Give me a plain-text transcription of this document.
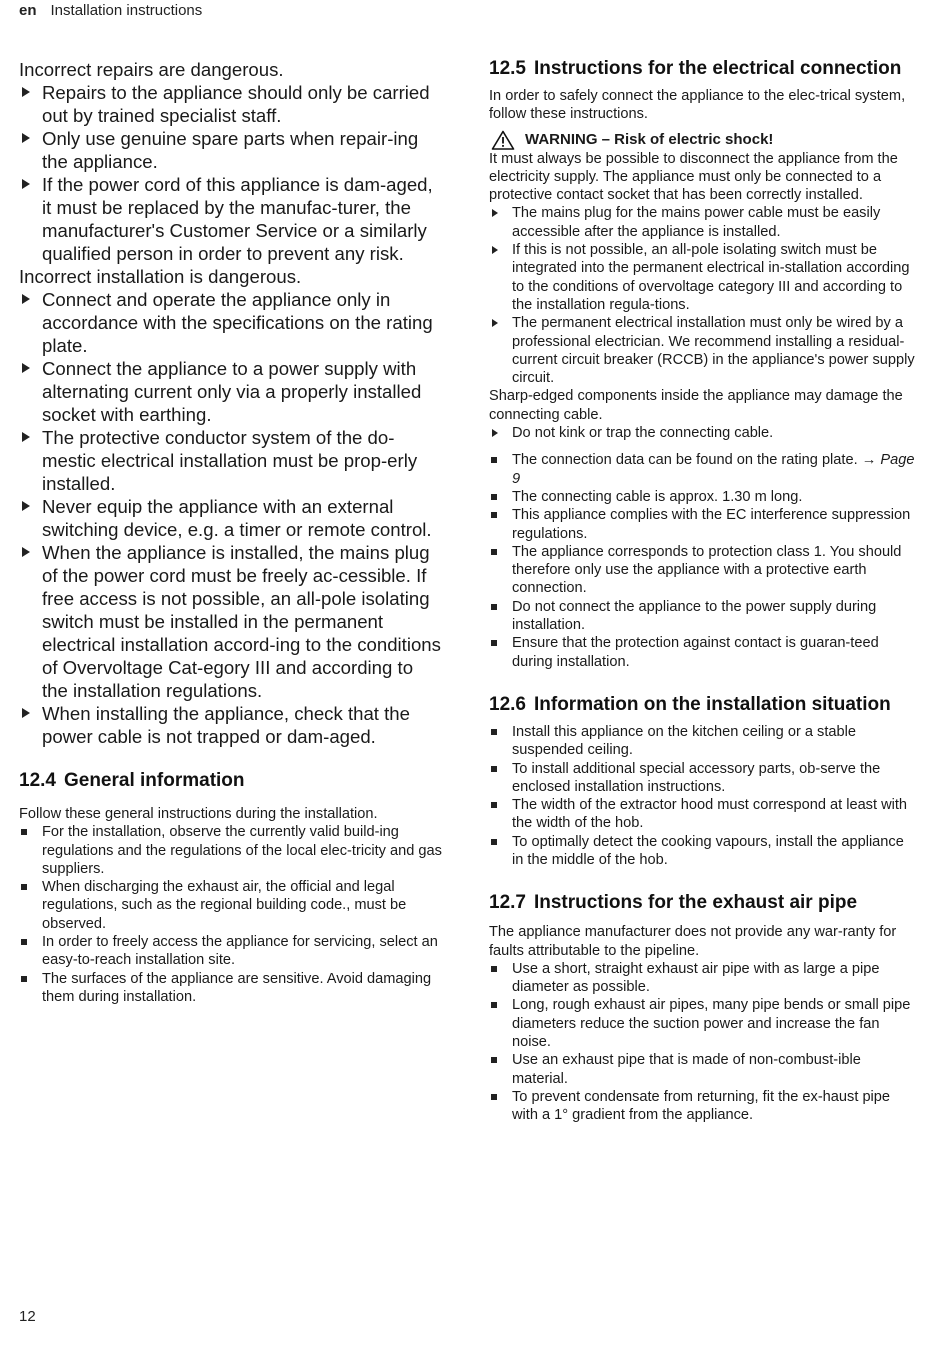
en Installation instructions
Incorrect repairs are dangerous.
Repairs to the appliance should only be carried out by trained specialist staff.
Only use genuine spare parts when repair-ing the appliance.
If the power cord of this appliance is dam-aged, it must be replaced by the manufac-turer, the manufacturer's Customer Service or a similarly qualified person in order to prevent any risk.
Incorrect installation is dangerous.
Connect and operate the appliance only in accordance with the specifications on the rating plate.
Connect the appliance to a power supply with alternating current only via a properly installed socket with earthing.
The protective conductor system of the do-mestic electrical installation must be prop-erly installed.
Never equip the appliance with an external switching device, e.g. a timer or remote control.
When the appliance is installed, the mains plug of the power cord must be freely ac-cessible. If free access is not possible, an all-pole isolating switch must be installed in the permanent electrical installation accord-ing to the conditions of Overvoltage Cat-egory III and according to the installation regulations.
When installing the appliance, check that the power cable is not trapped or dam-aged.
12.4 General information
Follow these general instructions during the installation.
For the installation, observe the currently valid build-ing regulations and the regulations of the local elec-tricity and gas suppliers.
When discharging the exhaust air, the official and legal regulations, such as the regional building code., must be observed.
In order to freely access the appliance for servicing, select an easy-to-reach installation site.
The surfaces of the appliance are sensitive. Avoid damaging them during installation.
12.5 Instructions for the electrical connection
In order to safely connect the appliance to the elec-trical system, follow these instructions.
WARNING – Risk of electric shock!
It must always be possible to disconnect the appliance from the electricity supply. The appliance must only be connected to a protective contact socket that has been correctly installed.
The mains plug for the mains power cable must be easily accessible after the appliance is installed.
If this is not possible, an all-pole isolating switch must be integrated into the permanent electrical in-stallation according to the conditions of overvoltage category III and according to the installation regula-tions.
The permanent electrical installation must only be wired by a professional electrician. We recommend installing a residual-current circuit breaker (RCCB) in the appliance's power supply circuit.
Sharp-edged components inside the appliance may damage the connecting cable.
Do not kink or trap the connecting cable.
The connection data can be found on the rating plate. → Page 9
The connecting cable is approx. 1.30 m long.
This appliance complies with the EC interference suppression regulations.
The appliance corresponds to protection class 1. You should therefore only use the appliance with a protective earth connection.
Do not connect the appliance to the power supply during installation.
Ensure that the protection against contact is guaran-teed during installation.
12.6 Information on the installation situation
Install this appliance on the kitchen ceiling or a stable suspended ceiling.
To install additional special accessory parts, ob-serve the enclosed installation instructions.
The width of the extractor hood must correspond at least with the width of the hob.
To optimally detect the cooking vapours, install the appliance in the middle of the hob.
12.7 Instructions for the exhaust air pipe
The appliance manufacturer does not provide any war-ranty for faults attributable to the pipeline.
Use a short, straight exhaust air pipe with as large a pipe diameter as possible.
Long, rough exhaust air pipes, many pipe bends or small pipe diameters reduce the suction power and increase the fan noise.
Use an exhaust pipe that is made of non-combust-ible material.
To prevent condensate from returning, fit the ex-haust pipe with a 1° gradient from the appliance.
12
